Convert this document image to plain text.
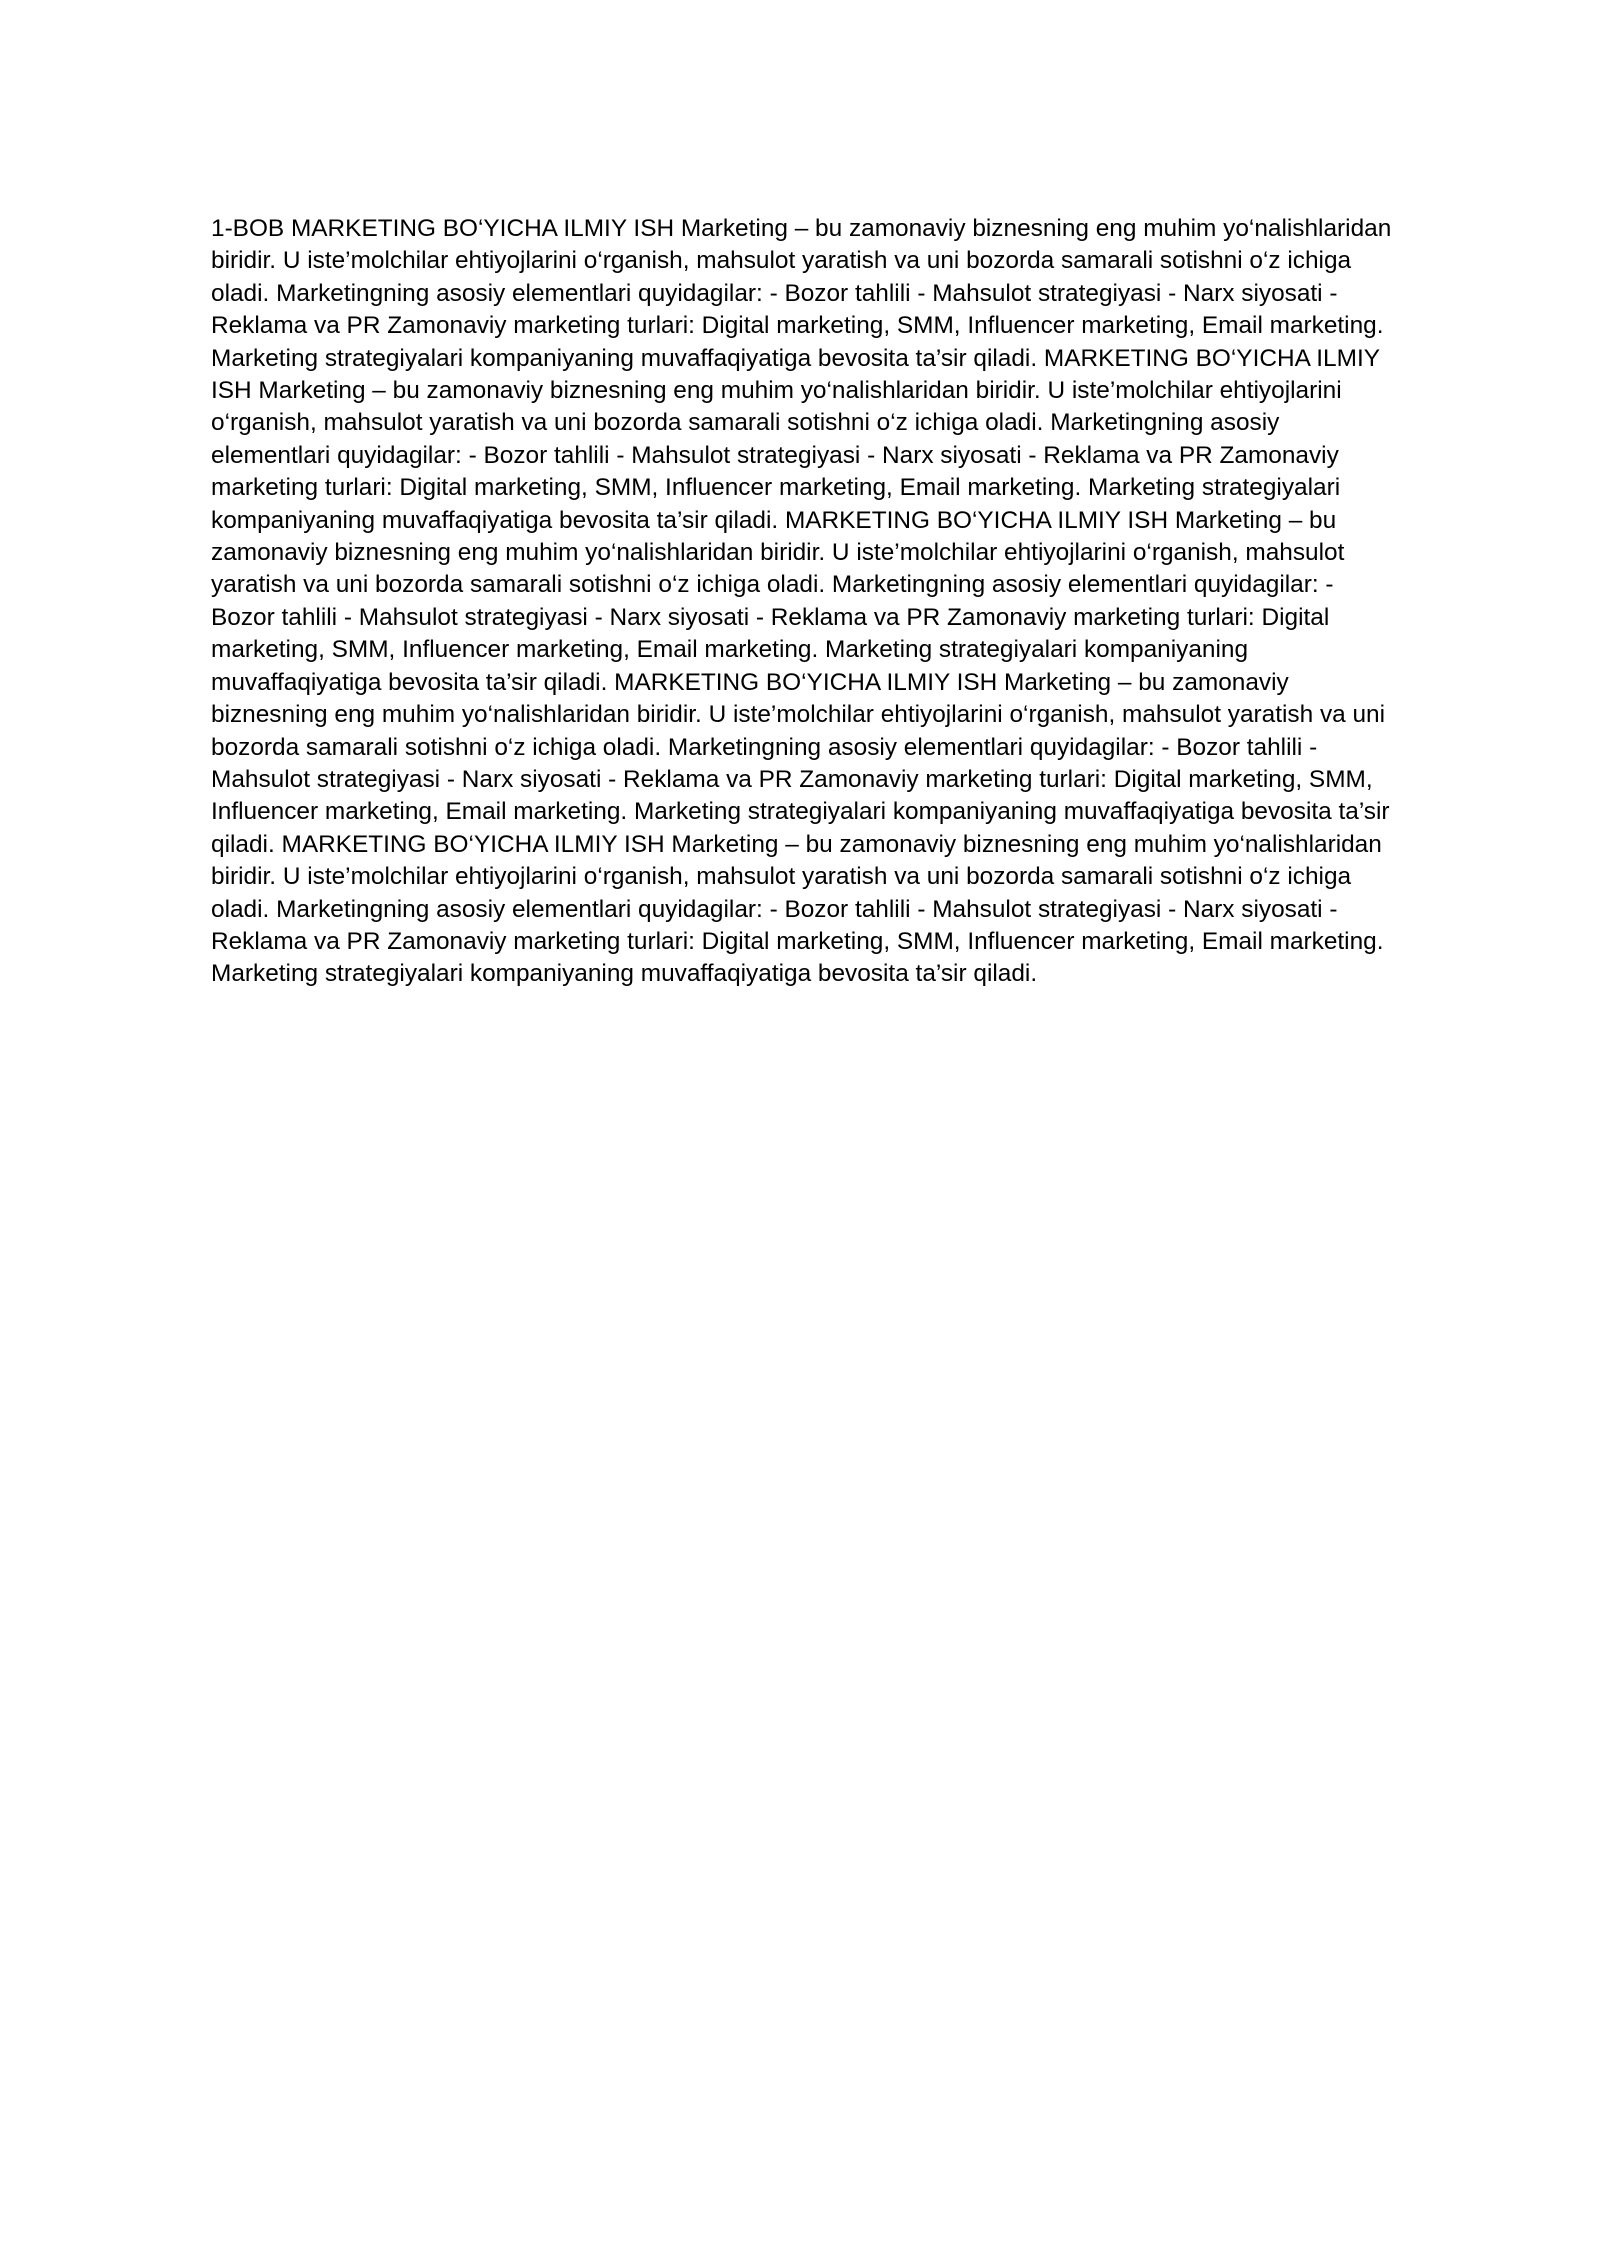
1-BOB MARKETING BO‘YICHA ILMIY ISH Marketing – bu zamonaviy biznesning eng muhim yo‘nalishlaridan biridir. U iste’molchilar ehtiyojlarini o‘rganish, mahsulot yaratish va uni bozorda samarali sotishni o‘z ichiga oladi. Marketingning asosiy elementlari quyidagilar: - Bozor tahlili - Mahsulot strategiyasi - Narx siyosati - Reklama va PR Zamonaviy marketing turlari: Digital marketing, SMM, Influencer marketing, Email marketing. Marketing strategiyalari kompaniyaning muvaffaqiyatiga bevosita ta’sir qiladi. MARKETING BO‘YICHA ILMIY ISH Marketing – bu zamonaviy biznesning eng muhim yo‘nalishlaridan biridir. U iste’molchilar ehtiyojlarini o‘rganish, mahsulot yaratish va uni bozorda samarali sotishni o‘z ichiga oladi. Marketingning asosiy elementlari quyidagilar: - Bozor tahlili - Mahsulot strategiyasi - Narx siyosati - Reklama va PR Zamonaviy marketing turlari: Digital marketing, SMM, Influencer marketing, Email marketing. Marketing strategiyalari kompaniyaning muvaffaqiyatiga bevosita ta’sir qiladi. MARKETING BO‘YICHA ILMIY ISH Marketing – bu zamonaviy biznesning eng muhim yo‘nalishlaridan biridir. U iste’molchilar ehtiyojlarini o‘rganish, mahsulot yaratish va uni bozorda samarali sotishni o‘z ichiga oladi. Marketingning asosiy elementlari quyidagilar: - Bozor tahlili - Mahsulot strategiyasi - Narx siyosati - Reklama va PR Zamonaviy marketing turlari: Digital marketing, SMM, Influencer marketing, Email marketing. Marketing strategiyalari kompaniyaning muvaffaqiyatiga bevosita ta’sir qiladi. MARKETING BO‘YICHA ILMIY ISH Marketing – bu zamonaviy biznesning eng muhim yo‘nalishlaridan biridir. U iste’molchilar ehtiyojlarini o‘rganish, mahsulot yaratish va uni bozorda samarali sotishni o‘z ichiga oladi. Marketingning asosiy elementlari quyidagilar: - Bozor tahlili - Mahsulot strategiyasi - Narx siyosati - Reklama va PR Zamonaviy marketing turlari: Digital marketing, SMM, Influencer marketing, Email marketing. Marketing strategiyalari kompaniyaning muvaffaqiyatiga bevosita ta’sir qiladi. MARKETING BO‘YICHA ILMIY ISH Marketing – bu zamonaviy biznesning eng muhim yo‘nalishlaridan biridir. U iste’molchilar ehtiyojlarini o‘rganish, mahsulot yaratish va uni bozorda samarali sotishni o‘z ichiga oladi. Marketingning asosiy elementlari quyidagilar: - Bozor tahlili - Mahsulot strategiyasi - Narx siyosati - Reklama va PR Zamonaviy marketing turlari: Digital marketing, SMM, Influencer marketing, Email marketing. Marketing strategiyalari kompaniyaning muvaffaqiyatiga bevosita ta’sir qiladi.
